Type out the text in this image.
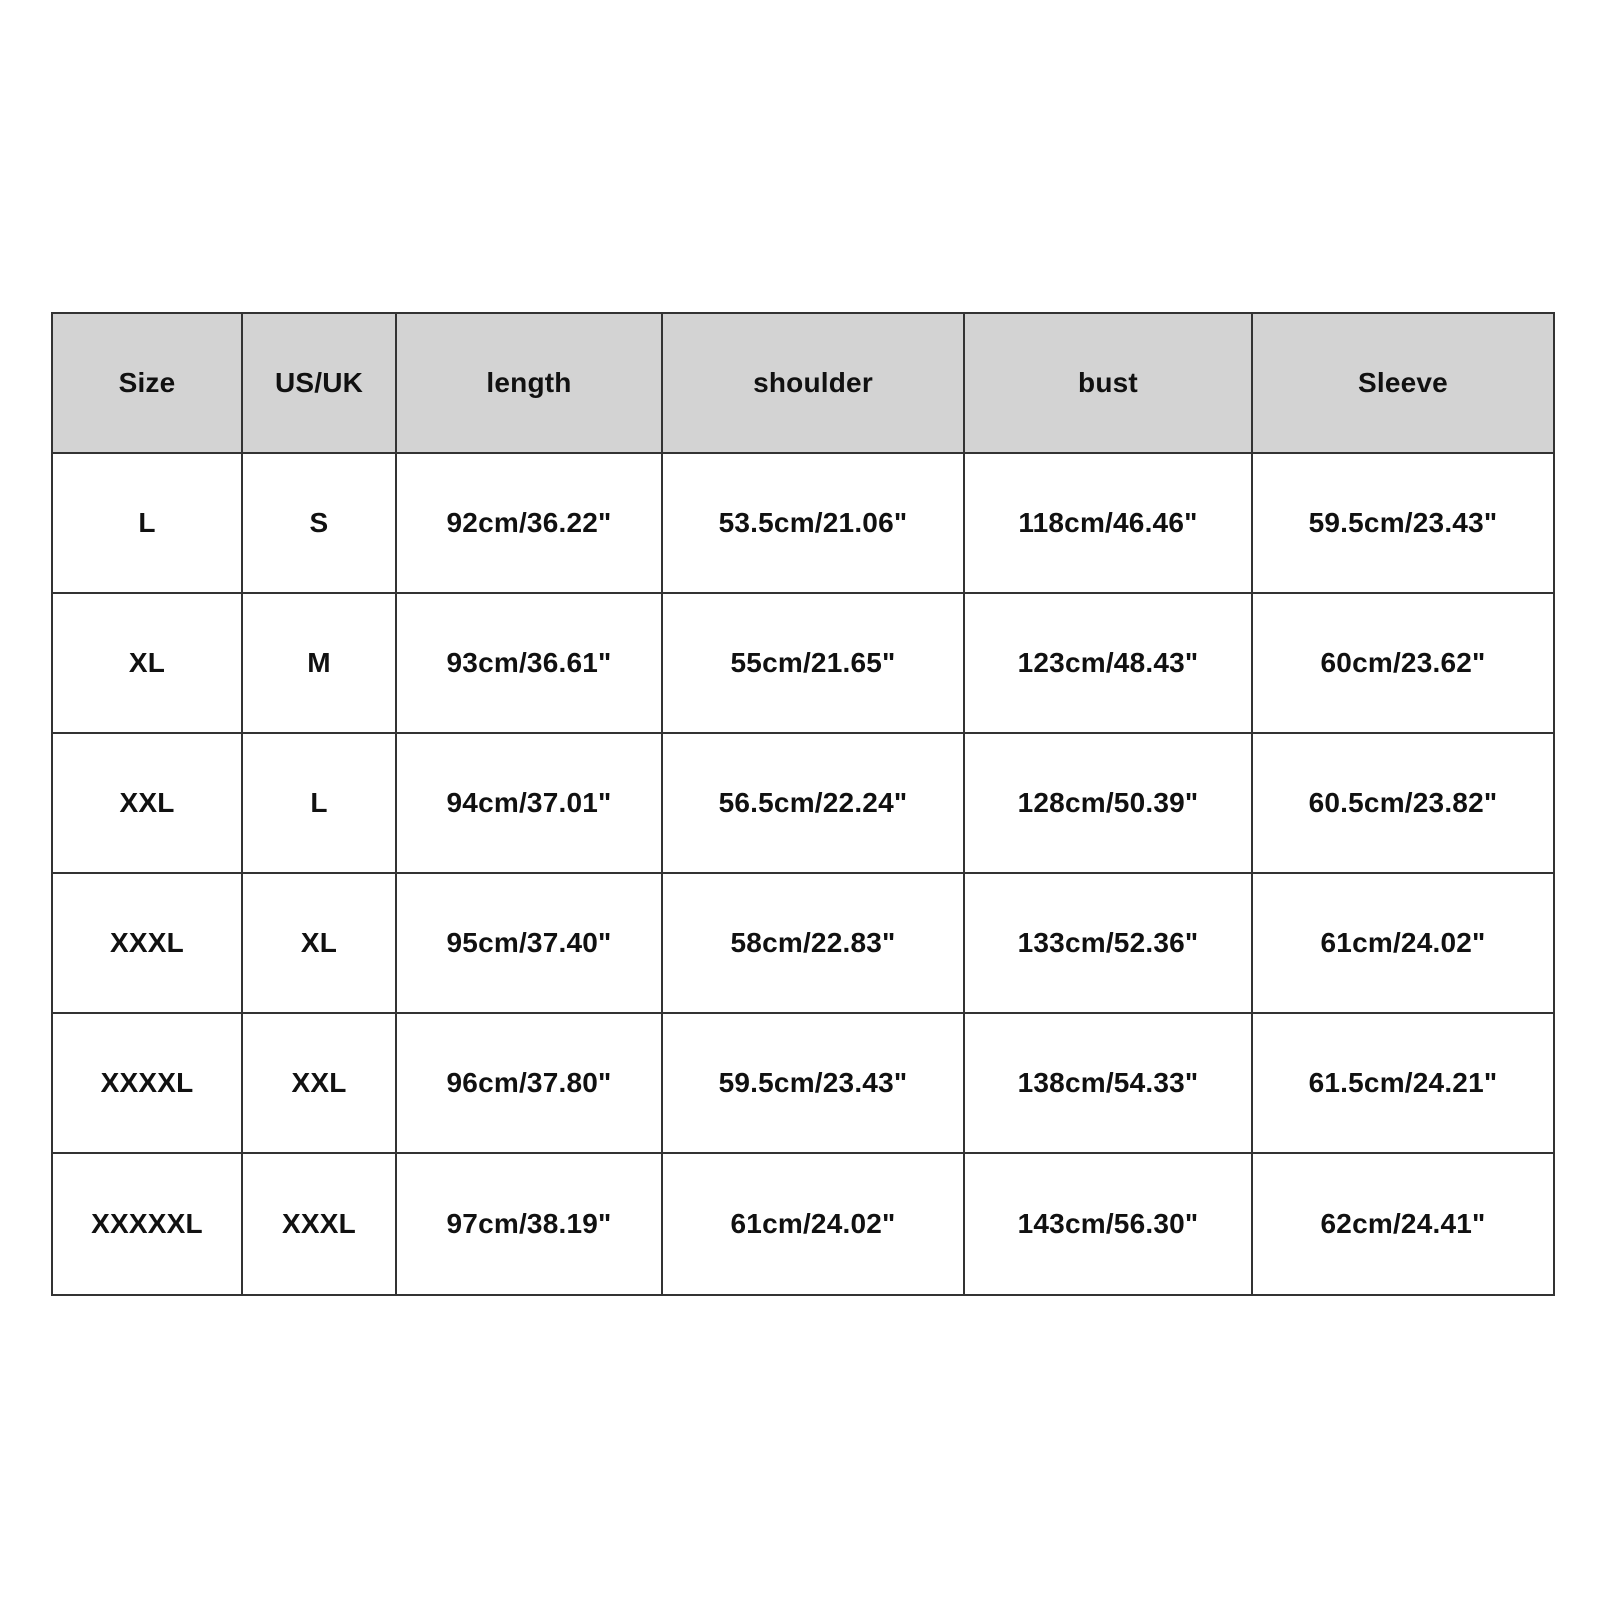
Size	US/UK	length	shoulder	bust	Sleeve
L	S	92cm/36.22"	53.5cm/21.06"	118cm/46.46"	59.5cm/23.43"
XL	M	93cm/36.61"	55cm/21.65"	123cm/48.43"	60cm/23.62"
XXL	L	94cm/37.01"	56.5cm/22.24"	128cm/50.39"	60.5cm/23.82"
XXXL	XL	95cm/37.40"	58cm/22.83"	133cm/52.36"	61cm/24.02"
XXXXL	XXL	96cm/37.80"	59.5cm/23.43"	138cm/54.33"	61.5cm/24.21"
XXXXXL	XXXL	97cm/38.19"	61cm/24.02"	143cm/56.30"	62cm/24.41"
